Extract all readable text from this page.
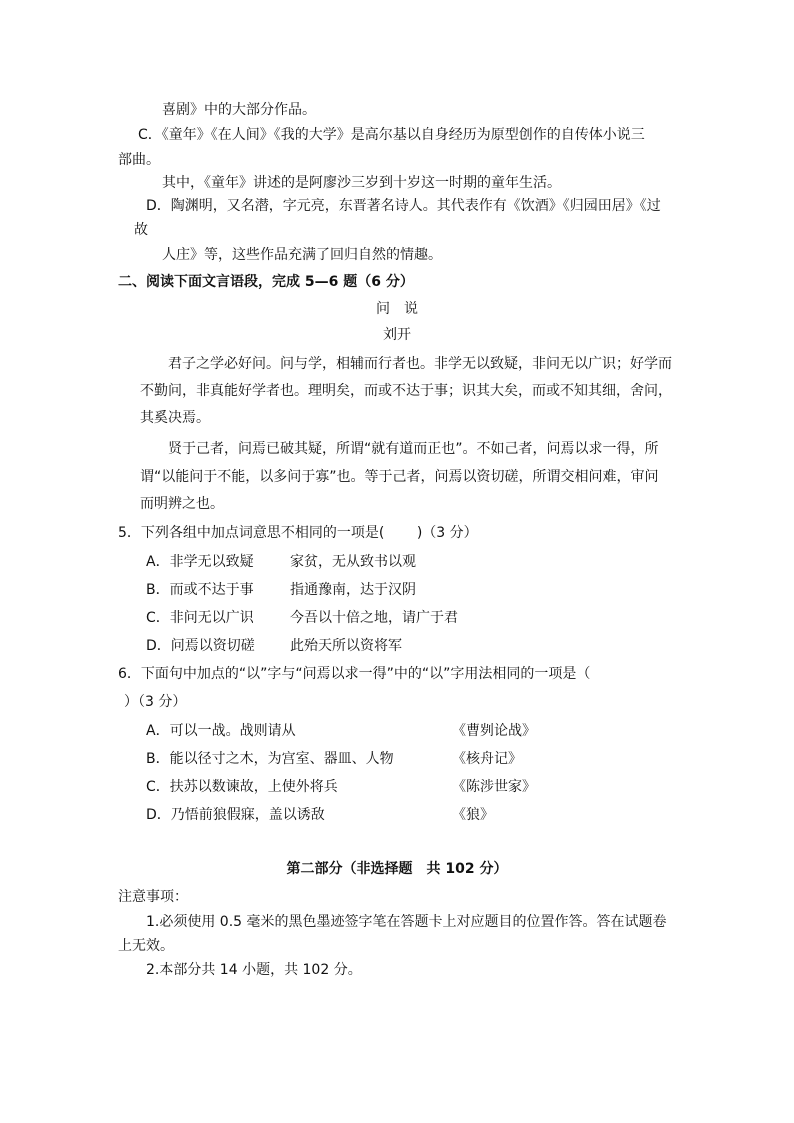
喜剧》中的大部分作品。
C．《童年》《在人间》《我的大学》是高尔基以自身经历为原型创作的自传体小说三
部曲。
其中，《童年》讲述的是阿廖沙三岁到十岁这一时期的童年生活。
D．陶渊明，又名潜，字元亮，东晋著名诗人。其代表作有《饮酒》《归园田居》《过
故
人庄》等，这些作品充满了回归自然的情趣。
二、阅读下面文言语段，完成 5—6 题（6 分）
问　说
刘开
君子之学必好问。问与学，相辅而行者也。非学无以致疑，非问无以广识；好学而
不勤问，非真能好学者也。理明矣，而或不达于事；识其大矣，而或不知其细，舍问，
其奚决焉。
贤于己者，问焉已破其疑，所谓“就有道而正也”。不如己者，问焉以求一得，所
谓“以能问于不能，以多问于寡”也。等于己者，问焉以资切磋，所谓交相问难，审问
而明辨之也。
5．下列各组中加点词意思不相同的一项是(　　 )（3 分）
A．非学无以致疑	家贫，无从致书以观
B．而或不达于事	指通豫南，达于汉阴
C．非问无以广识	今吾以十倍之地，请广于君
D．问焉以资切磋	此殆天所以资将军
6．下面句中加点的“以”字与“问焉以求一得”中的“以”字用法相同的一项是（
）（3 分）
A．可以一战。战则请从	《曹刿论战》
B．能以径寸之木，为宫室、器皿、人物	《核舟记》
C．扶苏以数谏故，上使外将兵	《陈涉世家》
D．乃悟前狼假寐，盖以诱敌	《狼》
第二部分（非选择题　共 102 分）
注意事项：
1.必须使用 0.5 毫米的黑色墨迹签字笔在答题卡上对应题目的位置作答。答在试题卷
上无效。
2.本部分共 14 小题，共 102 分。
